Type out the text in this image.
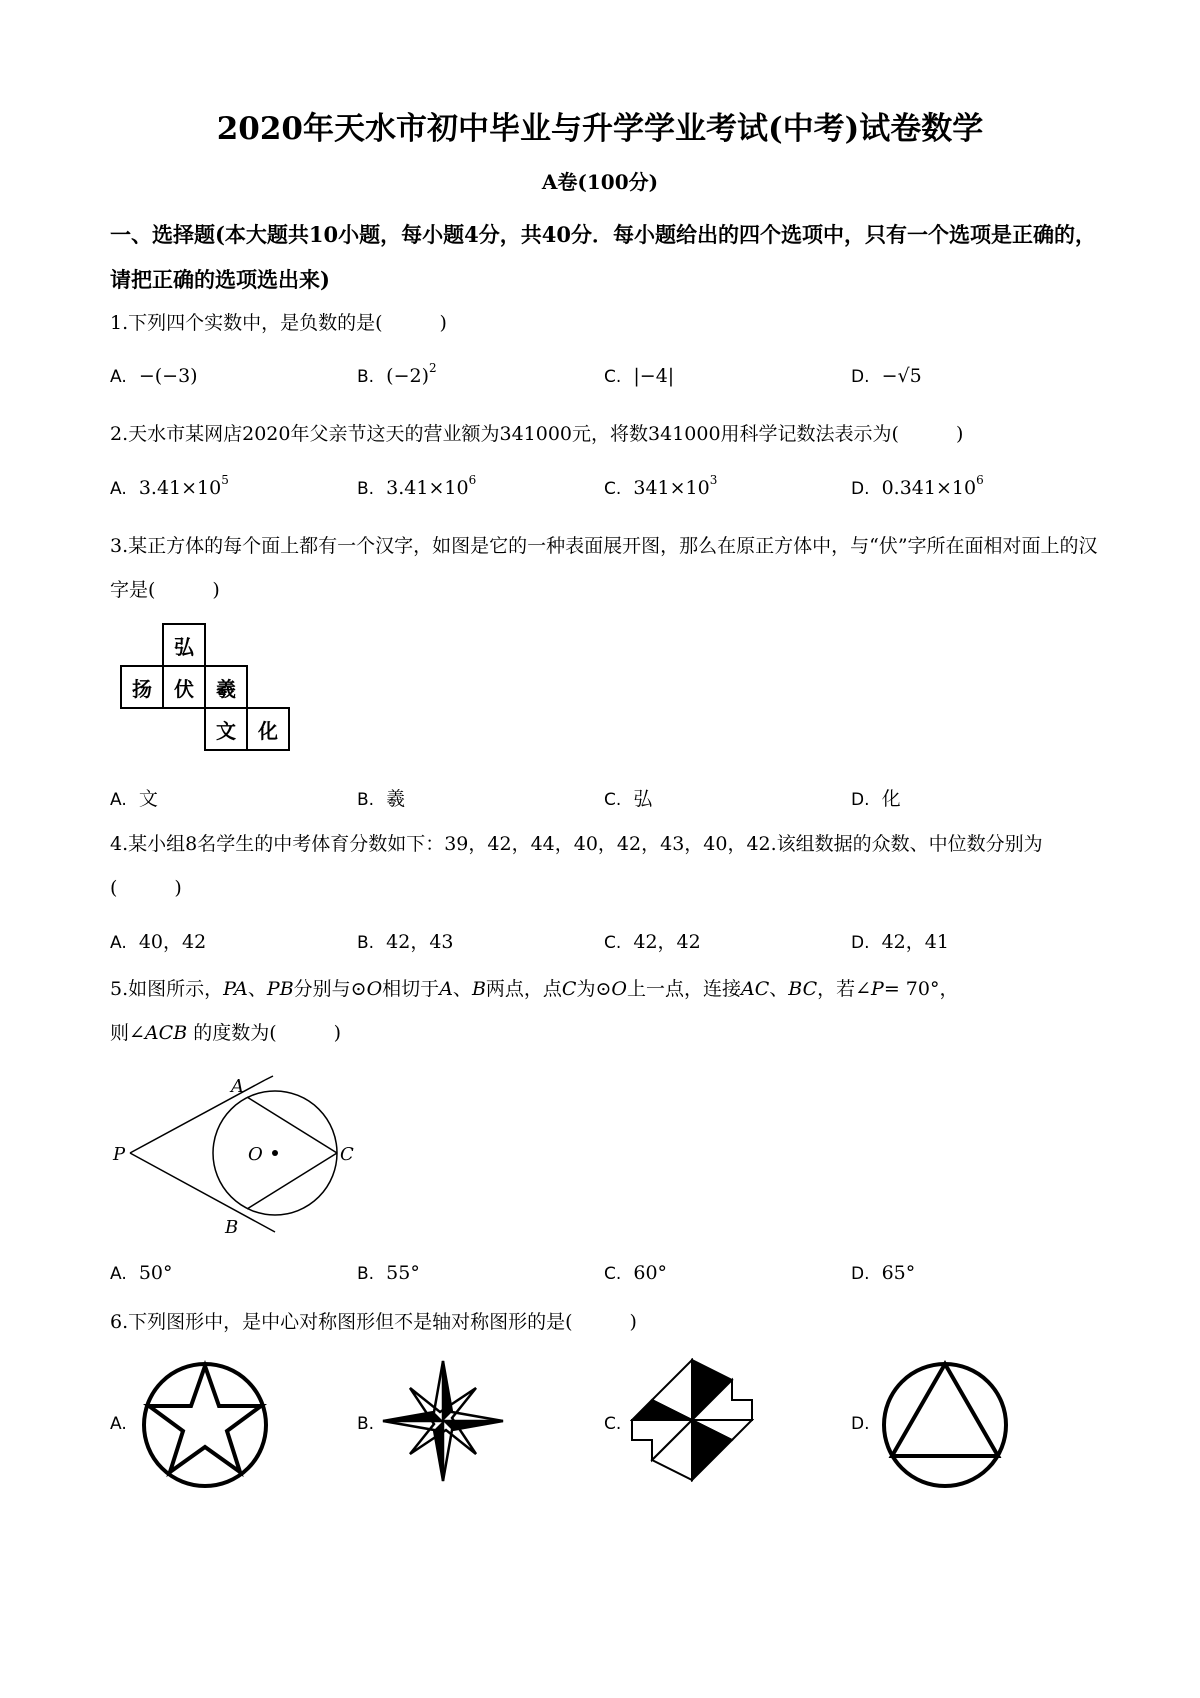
2020年天水市初中毕业与升学学业考试(中考)试卷数学
A卷(100分)
一、选择题(本大题共10小题，每小题4分，共40分．每小题给出的四个选项中，只有一个选项是正确的，请把正确的选项选出来)
1.下列四个实数中，是负数的是(　　　)
A. −(−3)	B. $(-2)^2$	C. |−4|	D. −√5
2.天水市某网店2020年父亲节这天的营业额为341000元，将数341000用科学记数法表示为(　　　)
A. $3.41\times 10^5$	B. $3.41\times 10^6$	C. $341\times 10^3$	D. $0.341\times 10^6$
3.某正方体的每个面上都有一个汉字，如图是它的一种表面展开图，那么在原正方体中，与“伏”字所在面相对面上的汉字是(　　　)
	弘		
扬	伏	羲	
		文	化
A. 文	B. 羲	C. 弘	D. 化
4.某小组8名学生的中考体育分数如下：39，42，44，40，42，43，40，42.该组数据的众数、中位数分别为(　　　)
A. 40，42	B. 42，43	C. 42，42	D. 42，41
5.如图所示，PA、PB分别与⊙O相切于A、B两点，点C为⊙O上一点，连接AC、BC，若∠P= 70°，
则∠ACB 的度数为(　　　)
P
A
O	C
B
A. 50°	B. 55°	C. 60°	D. 65°
6.下列图形中，是中心对称图形但不是轴对称图形的是(　　　)
A.	B.	C.	D.
